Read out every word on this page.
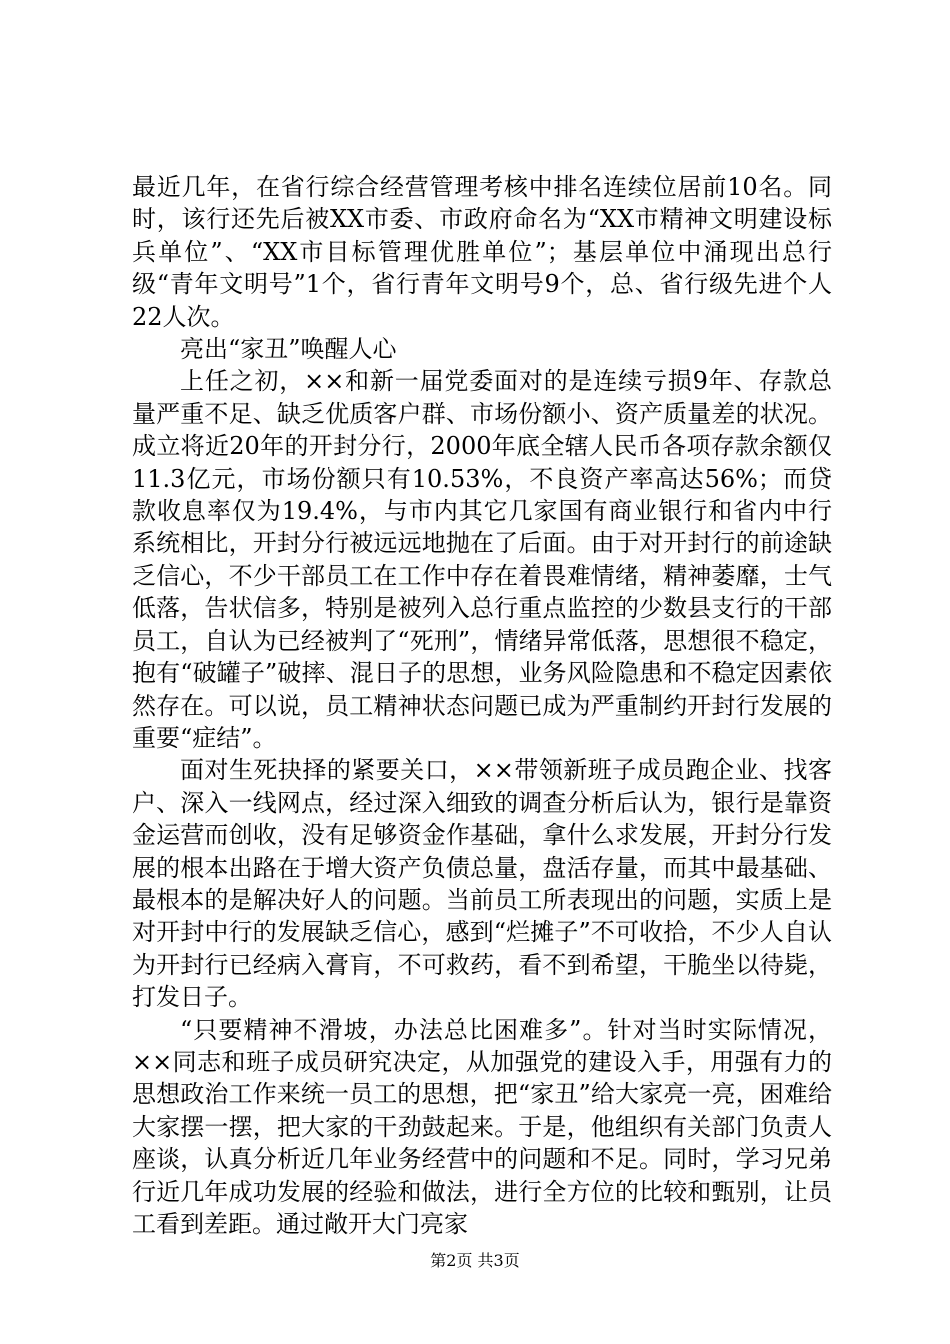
最近几年，在省行综合经营管理考核中排名连续位居前10名。同时，该行还先后被XX市委、市政府命名为“XX市精神文明建设标兵单位”、“XX市目标管理优胜单位”；基层单位中涌现出总行级“青年文明号”1个，省行青年文明号9个，总、省行级先进个人22人次。

亮出“家丑”唤醒人心

上任之初，××和新一届党委面对的是连续亏损9年、存款总量严重不足、缺乏优质客户群、市场份额小、资产质量差的状况。成立将近20年的开封分行，2000年底全辖人民币各项存款余额仅11.3亿元，市场份额只有10.53%，不良资产率高达56%；而贷款收息率仅为19.4%，与市内其它几家国有商业银行和省内中行系统相比，开封分行被远远地抛在了后面。由于对开封行的前途缺乏信心，不少干部员工在工作中存在着畏难情绪，精神萎靡，士气低落，告状信多，特别是被列入总行重点监控的少数县支行的干部员工，自认为已经被判了“死刑”，情绪异常低落，思想很不稳定，抱有“破罐子”破摔、混日子的思想，业务风险隐患和不稳定因素依然存在。可以说，员工精神状态问题已成为严重制约开封行发展的重要“症结”。

面对生死抉择的紧要关口，××带领新班子成员跑企业、找客户、深入一线网点，经过深入细致的调查分析后认为，银行是靠资金运营而创收，没有足够资金作基础，拿什么求发展，开封分行发展的根本出路在于增大资产负债总量，盘活存量，而其中最基础、最根本的是解决好人的问题。当前员工所表现出的问题，实质上是对开封中行的发展缺乏信心，感到“烂摊子”不可收拾，不少人自认为开封行已经病入膏肓，不可救药，看不到希望，干脆坐以待毙，打发日子。

“只要精神不滑坡，办法总比困难多”。针对当时实际情况，××同志和班子成员研究决定，从加强党的建设入手，用强有力的思想政治工作来统一员工的思想，把“家丑”给大家亮一亮，困难给大家摆一摆，把大家的干劲鼓起来。于是，他组织有关部门负责人座谈，认真分析近几年业务经营中的问题和不足。同时，学习兄弟行近几年成功发展的经验和做法，进行全方位的比较和甄别，让员工看到差距。通过敞开大门亮家

第2页 共3页
